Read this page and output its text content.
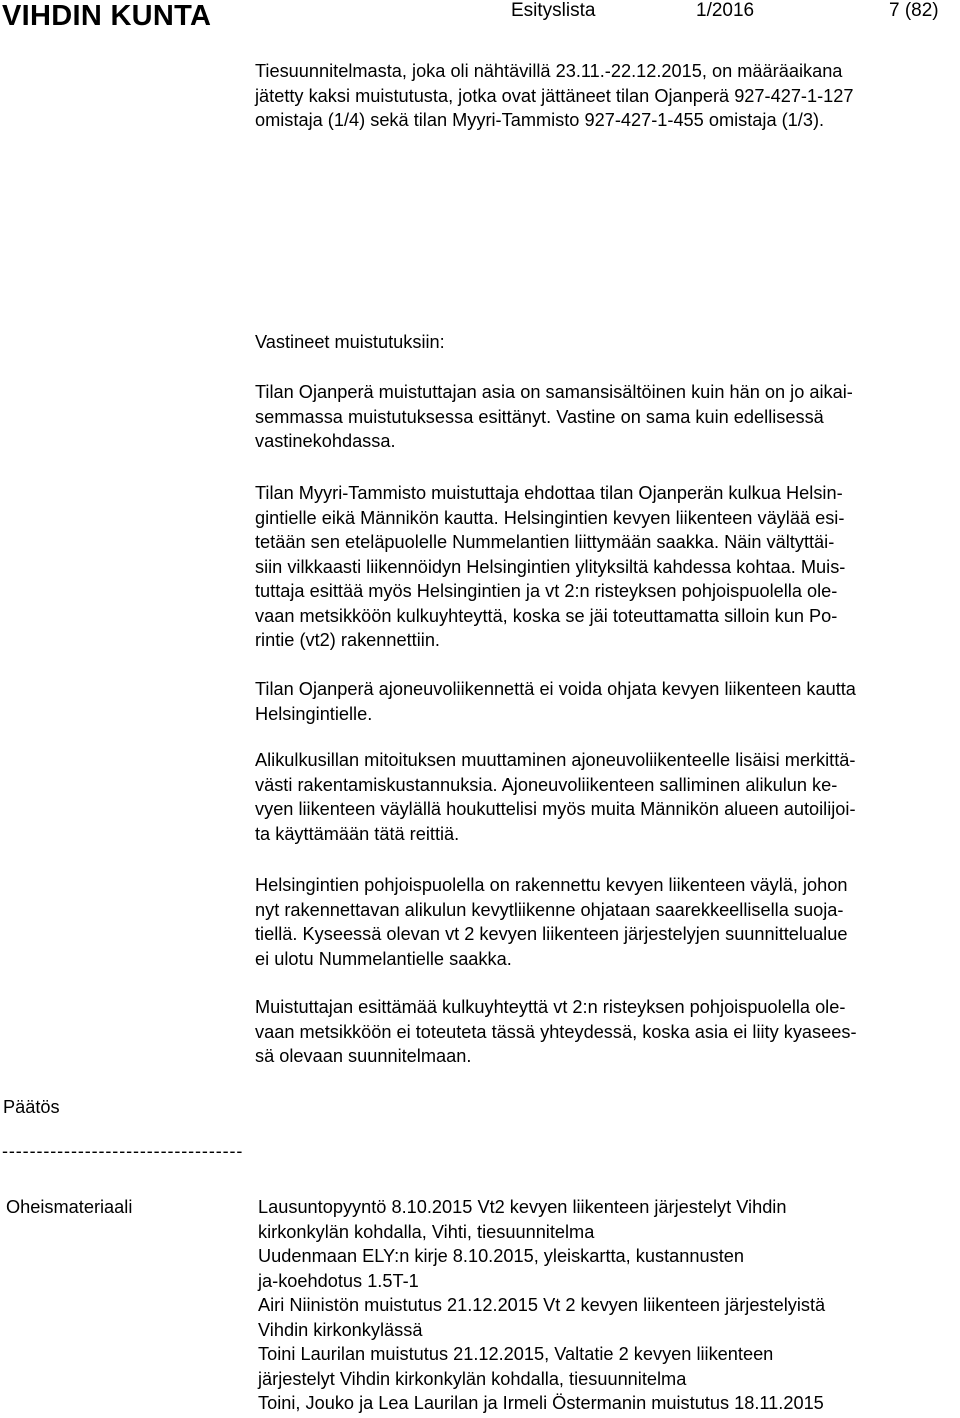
VIHDIN KUNTA	Esityslista	1/2016	7 (82)
Tiesuunnitelmasta, joka oli nähtävillä 23.11.-22.12.2015, on määräaikana
jätetty kaksi muistutusta, jotka ovat jättäneet tilan Ojanperä 927-427-1-127
omistaja (1/4) sekä tilan Myyri-Tammisto 927-427-1-455 omistaja (1/3).
Vastineet muistutuksiin:
Tilan Ojanperä muistuttajan asia on samansisältöinen kuin hän on jo aikai-
semmassa muistutuksessa esittänyt. Vastine on sama kuin edellisessä
vastinekohdassa.
Tilan Myyri-Tammisto muistuttaja ehdottaa tilan Ojanperän kulkua Helsin-
gintielle eikä Männikön kautta. Helsingintien kevyen liikenteen väylää esi-
tetään sen eteläpuolelle Nummelantien liittymään saakka. Näin vältyttäi-
siin vilkkaasti liikennöidyn Helsingintien ylityksiltä kahdessa kohtaa. Muis-
tuttaja esittää myös Helsingintien ja vt 2:n risteyksen pohjoispuolella ole-
vaan metsikköön kulkuyhteyttä, koska se jäi toteuttamatta silloin kun Po-
rintie (vt2) rakennettiin.
Tilan Ojanperä ajoneuvoliikennettä ei voida ohjata kevyen liikenteen kautta
Helsingintielle.
Alikulkusillan mitoituksen muuttaminen ajoneuvoliikenteelle lisäisi merkittä-
västi rakentamiskustannuksia. Ajoneuvoliikenteen salliminen alikulun ke-
vyen liikenteen väylällä houkuttelisi myös muita Männikön alueen autoilijoi-
ta käyttämään tätä reittiä.
Helsingintien pohjoispuolella on rakennettu kevyen liikenteen väylä, johon
nyt rakennettavan alikulun kevytliikenne ohjataan saarekkeellisella suoja-
tiellä. Kyseessä olevan vt 2 kevyen liikenteen järjestelyjen suunnittelualue
ei ulotu Nummelantielle saakka.
Muistuttajan esittämää kulkuyhteyttä vt 2:n risteyksen pohjoispuolella ole-
vaan metsikköön ei toteuteta tässä yhteydessä, koska asia ei liity kyasees-
sä olevaan suunnitelmaan.
Päätös
-----------------------------------
Oheismateriaali	Lausuntopyyntö 8.10.2015 Vt2 kevyen liikenteen järjestelyt Vihdin
kirkonkylän kohdalla, Vihti, tiesuunnitelma
Uudenmaan ELY:n kirje 8.10.2015, yleiskartta, kustannusten
ja-koehdotus 1.5T-1
Airi Niinistön muistutus 21.12.2015 Vt 2 kevyen liikenteen järjestelyistä
Vihdin kirkonkylässä
Toini Laurilan muistutus 21.12.2015, Valtatie 2 kevyen liikenteen
järjestelyt Vihdin kirkonkylän kohdalla, tiesuunnitelma
Toini, Jouko ja Lea Laurilan ja Irmeli Östermanin muistutus 18.11.2015
